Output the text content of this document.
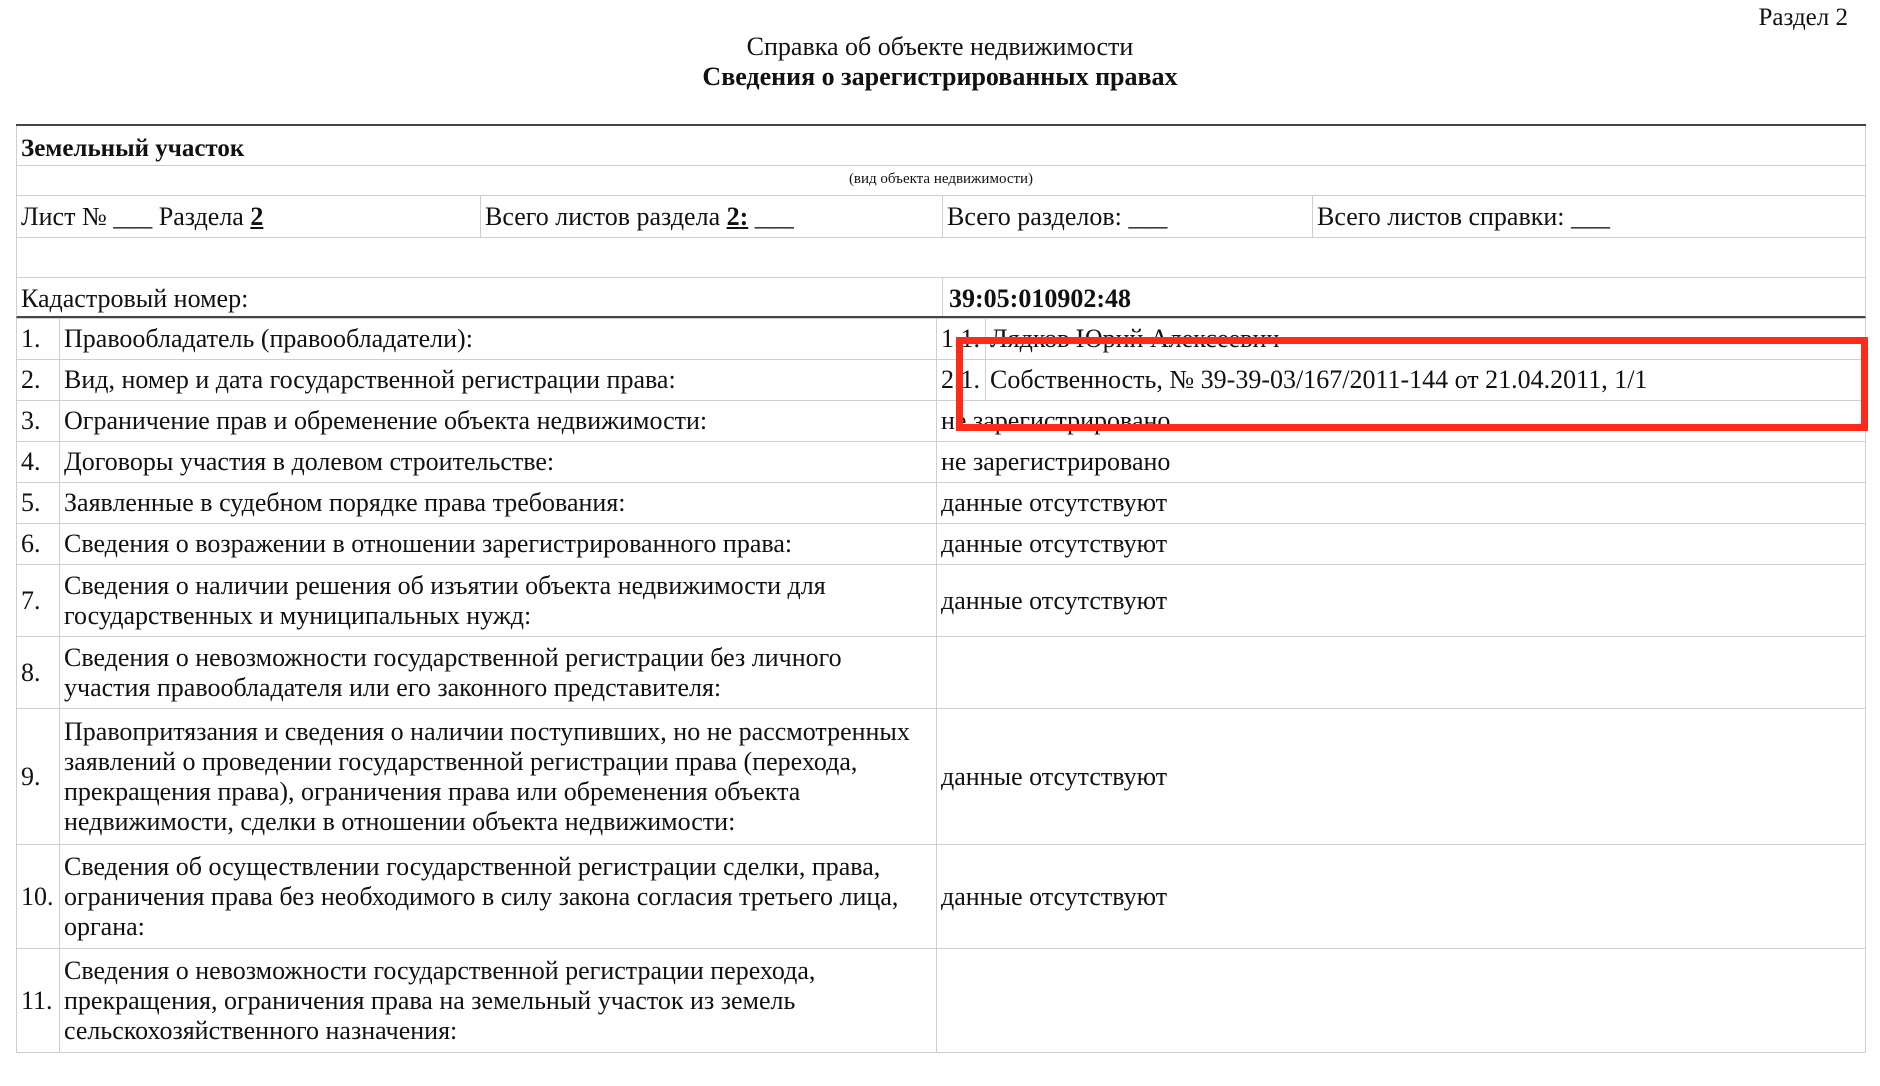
Раздел 2
Справка об объекте недвижимости
Сведения о зарегистрированных правах
Земельный участок
(вид объекта недвижимости)
Лист № ___ Раздела 2	Всего листов раздела 2: ___	Всего разделов: ___	Всего листов справки: ___
Кадастровый номер:	39:05:010902:48
1.	Правообладатель (правообладатели):	1.1.	Лядков Юрий Алексеевич
2.	Вид, номер и дата государственной регистрации права:	2.1.	Собственность, № 39-39-03/167/2011-144 от 21.04.2011, 1/1
3.	Ограничение прав и обременение объекта недвижимости:	не зарегистрировано	
4.	Договоры участия в долевом строительстве:	не зарегистрировано	
5.	Заявленные в судебном порядке права требования:	данные отсутствуют	
6.	Сведения о возражении в отношении зарегистрированного права:	данные отсутствуют	
7.	Сведения о наличии решения об изъятии объекта недвижимости для государственных и муниципальных нужд:	данные отсутствуют	
8.	Сведения о невозможности государственной регистрации без личного участия правообладателя или его законного представителя:		
9.	Правопритязания и сведения о наличии поступивших, но не рассмотренных заявлений о проведении государственной регистрации права (перехода, прекращения права), ограничения права или обременения объекта недвижимости, сделки в отношении объекта недвижимости:	данные отсутствуют	
10.	Сведения об осуществлении государственной регистрации сделки, права, ограничения права без необходимого в силу закона согласия третьего лица, органа:	данные отсутствуют	
11.	Сведения о невозможности государственной регистрации перехода, прекращения, ограничения права на земельный участок из земель сельскохозяйственного назначения:		
